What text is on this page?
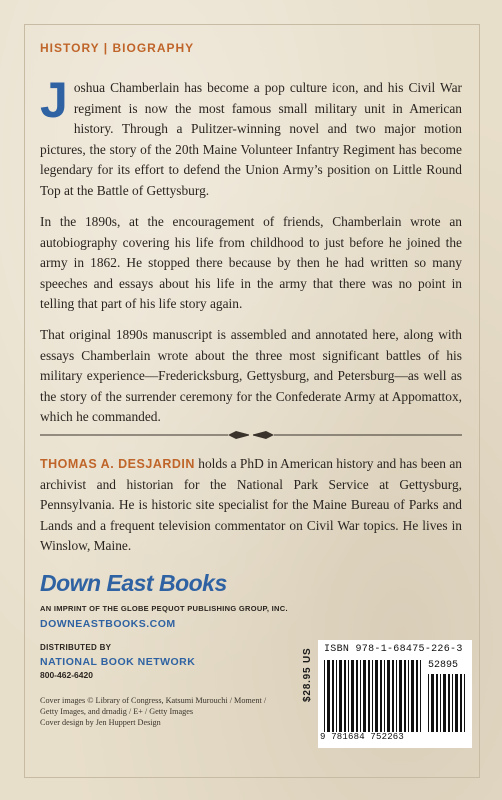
HISTORY | BIOGRAPHY
Joshua Chamberlain has become a pop culture icon, and his Civil War regiment is now the most famous small military unit in American history. Through a Pulitzer-winning novel and two major motion pictures, the story of the 20th Maine Volunteer Infantry Regiment has become legendary for its effort to defend the Union Army’s position on Little Round Top at the Battle of Gettysburg.
In the 1890s, at the encouragement of friends, Chamberlain wrote an autobiography covering his life from childhood to just before he joined the army in 1862. He stopped there because by then he had written so many speeches and essays about his life in the army that there was no point in telling that part of his life story again.
That original 1890s manuscript is assembled and annotated here, along with essays Chamberlain wrote about the three most significant battles of his military experience—Fredericksburg, Gettysburg, and Petersburg—as well as the story of the surrender ceremony for the Confederate Army at Appomattox, which he commanded.
THOMAS A. DESJARDIN holds a PhD in American history and has been an archivist and historian for the National Park Service at Gettysburg, Pennsylvania. He is historic site specialist for the Maine Bureau of Parks and Lands and a frequent television commentator on Civil War topics. He lives in Winslow, Maine.
Down East Books
AN IMPRINT OF THE GLOBE PEQUOT PUBLISHING GROUP, INC.
DOWNEASTBOOKS.COM
DISTRIBUTED BY
NATIONAL BOOK NETWORK
800-462-6420
Cover images © Library of Congress, Katsumi Murouchi / Moment /
Getty Images, and drnadig / E+ / Getty Images
Cover design by Jen Huppert Design
$28.95 US	ISBN 978-1-68475-226-3
52895
9 781684 752263
